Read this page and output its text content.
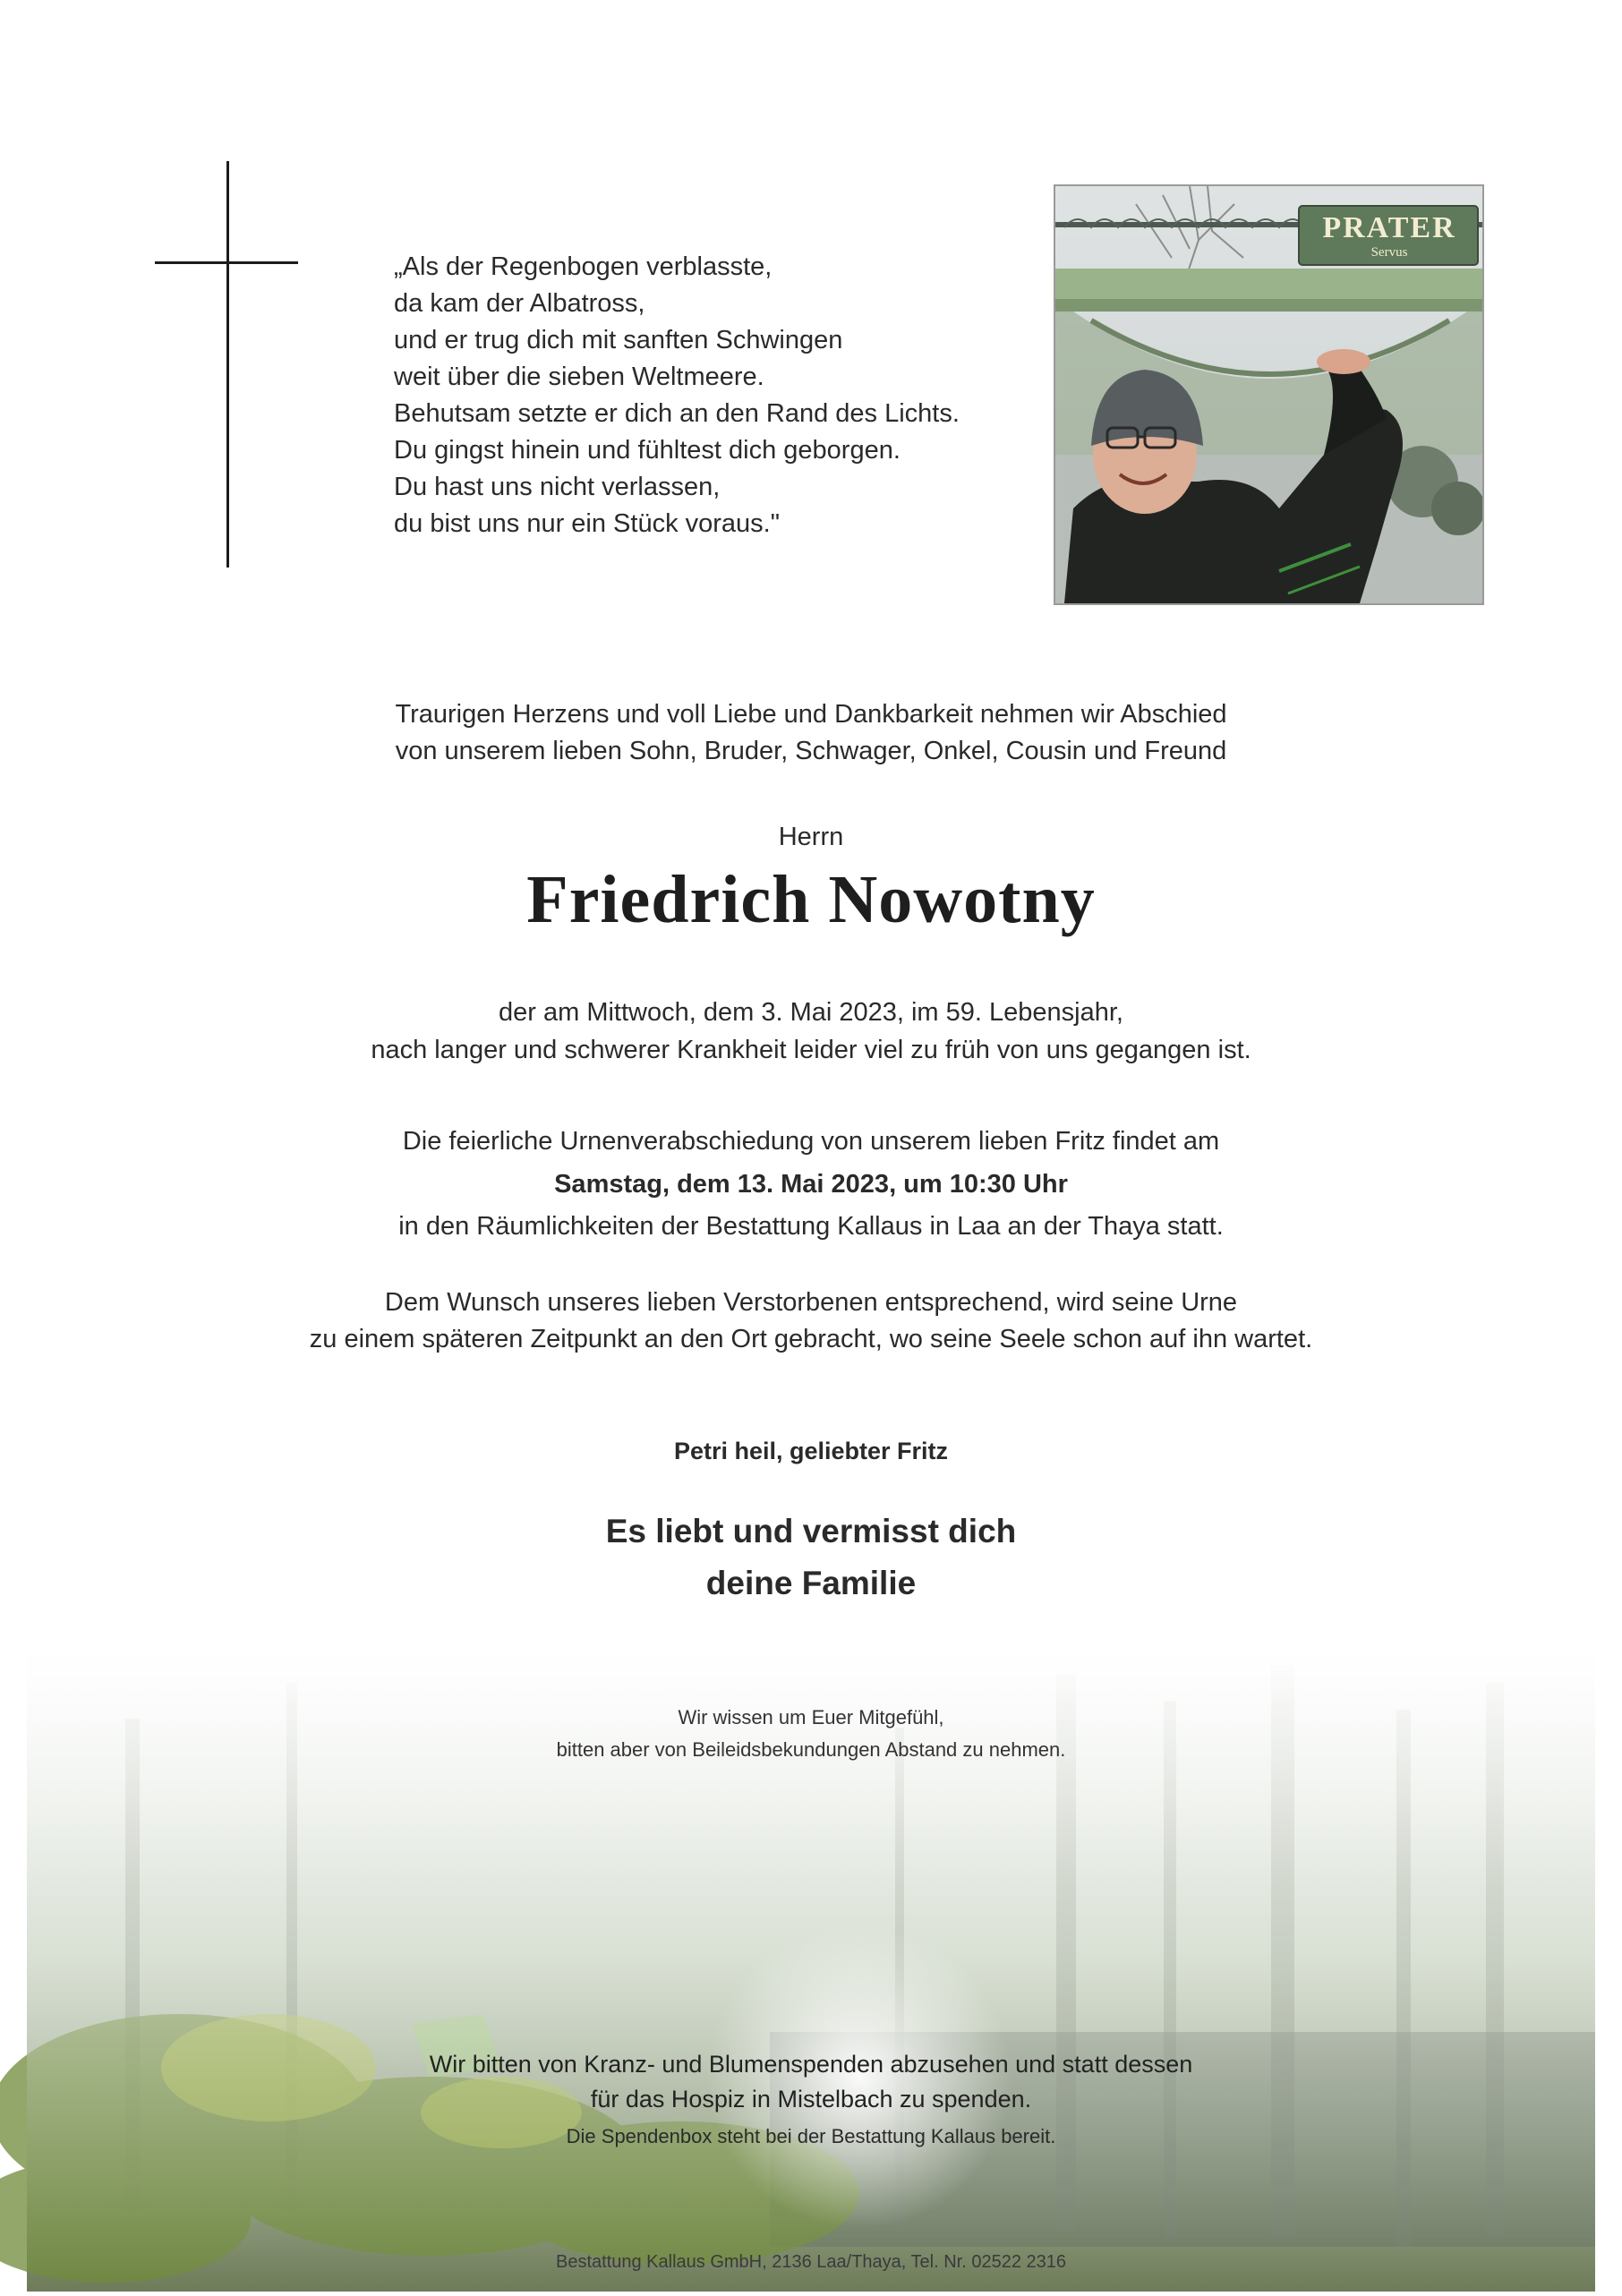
„Als der Regenbogen verblasste,
da kam der Albatross,
und er trug dich mit sanften Schwingen
weit über die sieben Weltmeere.
Behutsam setzte er dich an den Rand des Lichts.
Du gingst hinein und fühltest dich geborgen.
Du hast uns nicht verlassen,
du bist uns nur ein Stück voraus."
PRATER
Servus
Traurigen Herzens und voll Liebe und Dankbarkeit nehmen wir Abschied
von unserem lieben Sohn, Bruder, Schwager, Onkel, Cousin und Freund
Herrn
Friedrich Nowotny
der am Mittwoch, dem 3. Mai 2023, im 59. Lebensjahr,
nach langer und schwerer Krankheit leider viel zu früh von uns gegangen ist.
Die feierliche Urnenverabschiedung von unserem lieben Fritz findet am
Samstag, dem 13. Mai 2023, um 10:30 Uhr
in den Räumlichkeiten der Bestattung Kallaus in Laa an der Thaya statt.
Dem Wunsch unseres lieben Verstorbenen entsprechend, wird seine Urne
zu einem späteren Zeitpunkt an den Ort gebracht, wo seine Seele schon auf ihn wartet.
Petri heil, geliebter Fritz
Es liebt und vermisst dich
deine Familie
Wir wissen um Euer Mitgefühl,
bitten aber von Beileidsbekundungen Abstand zu nehmen.
Wir bitten von Kranz- und Blumenspenden abzusehen und statt dessen
für das Hospiz in Mistelbach zu spenden.
Die Spendenbox steht bei der Bestattung Kallaus bereit.
Bestattung Kallaus GmbH, 2136 Laa/Thaya, Tel. Nr. 02522 2316
